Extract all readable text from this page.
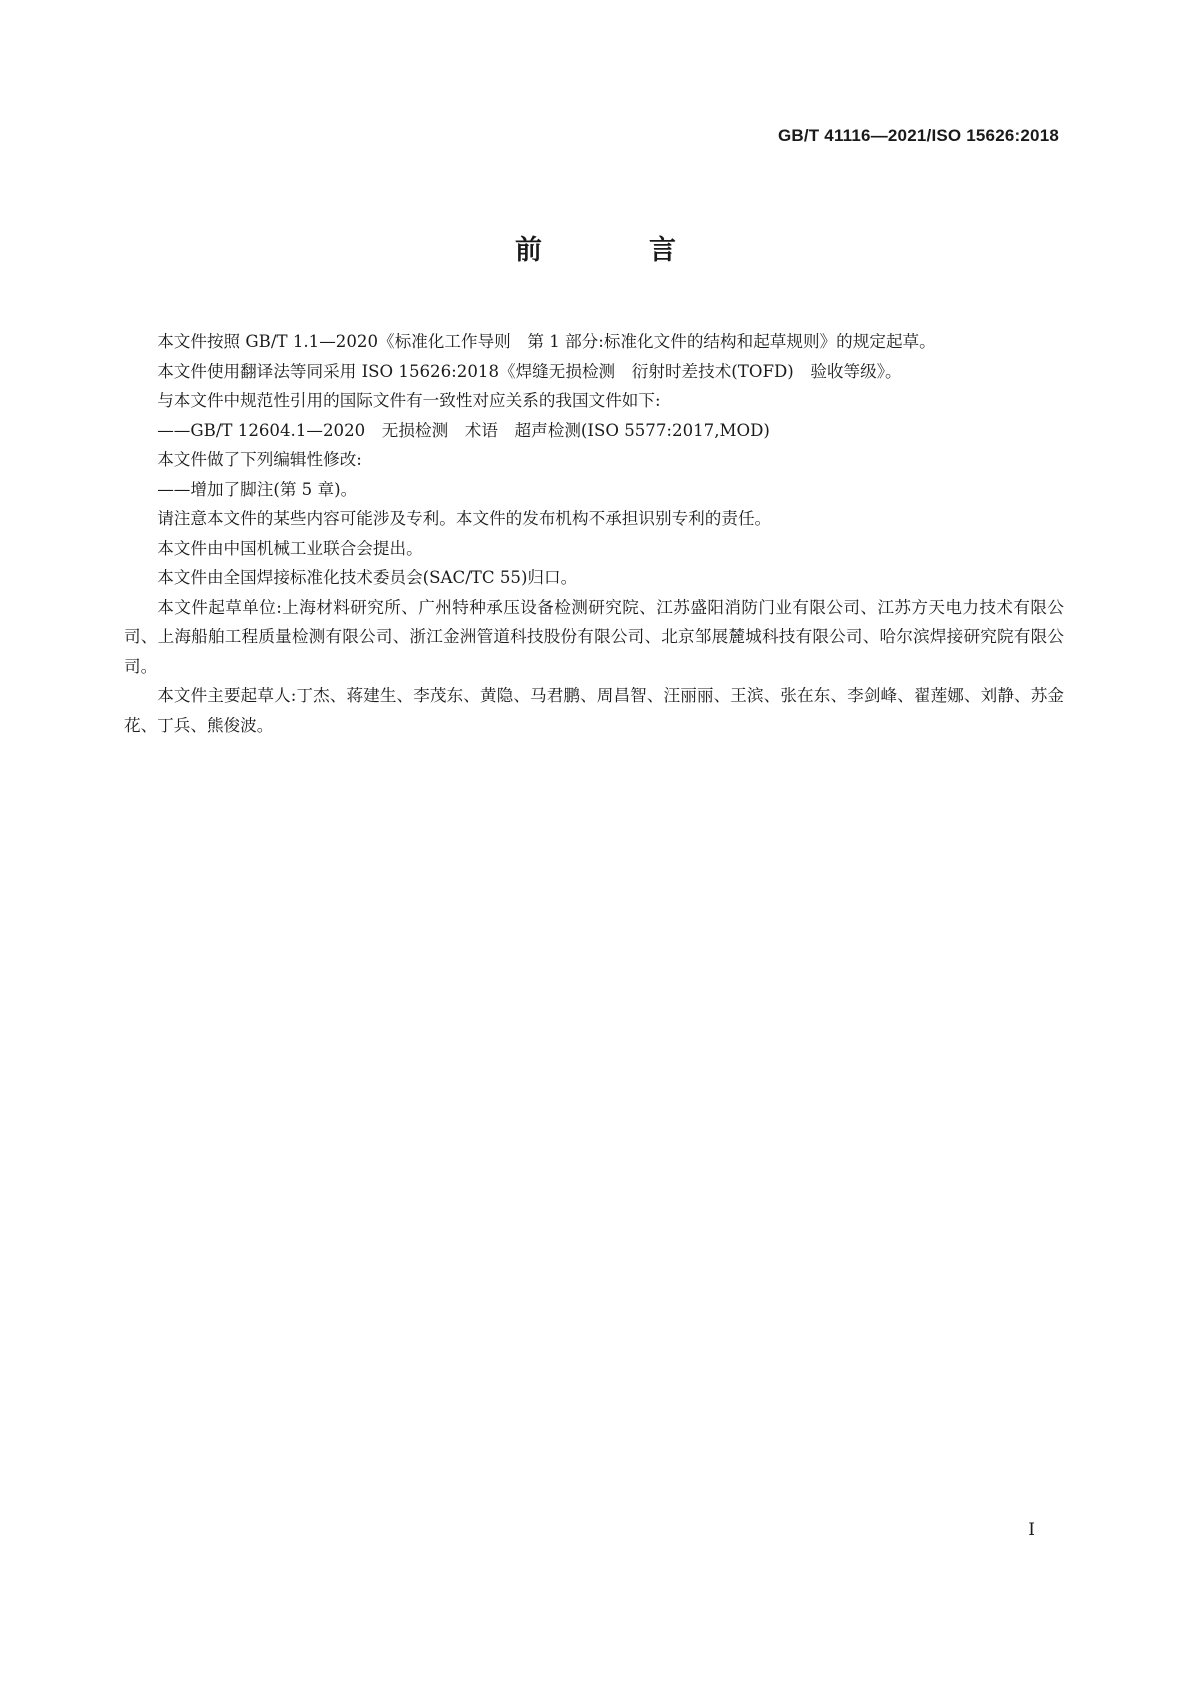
GB/T 41116—2021/ISO 15626:2018
前　言

本文件按照 GB/T 1.1—2020《标准化工作导则　第 1 部分:标准化文件的结构和起草规则》的规定起草。

本文件使用翻译法等同采用 ISO 15626:2018《焊缝无损检测　衍射时差技术(TOFD)　验收等级》。

与本文件中规范性引用的国际文件有一致性对应关系的我国文件如下:

——GB/T 12604.1—2020　无损检测　术语　超声检测(ISO 5577:2017,MOD)

本文件做了下列编辑性修改:

——增加了脚注(第 5 章)。

请注意本文件的某些内容可能涉及专利。本文件的发布机构不承担识别专利的责任。

本文件由中国机械工业联合会提出。

本文件由全国焊接标准化技术委员会(SAC/TC 55)归口。

本文件起草单位:上海材料研究所、广州特种承压设备检测研究院、江苏盛阳消防门业有限公司、江苏方天电力技术有限公司、上海船舶工程质量检测有限公司、浙江金洲管道科技股份有限公司、北京邹展麓城科技有限公司、哈尔滨焊接研究院有限公司。

本文件主要起草人:丁杰、蒋建生、李茂东、黄隐、马君鹏、周昌智、汪丽丽、王滨、张在东、李剑峰、翟莲娜、刘静、苏金花、丁兵、熊俊波。

I
